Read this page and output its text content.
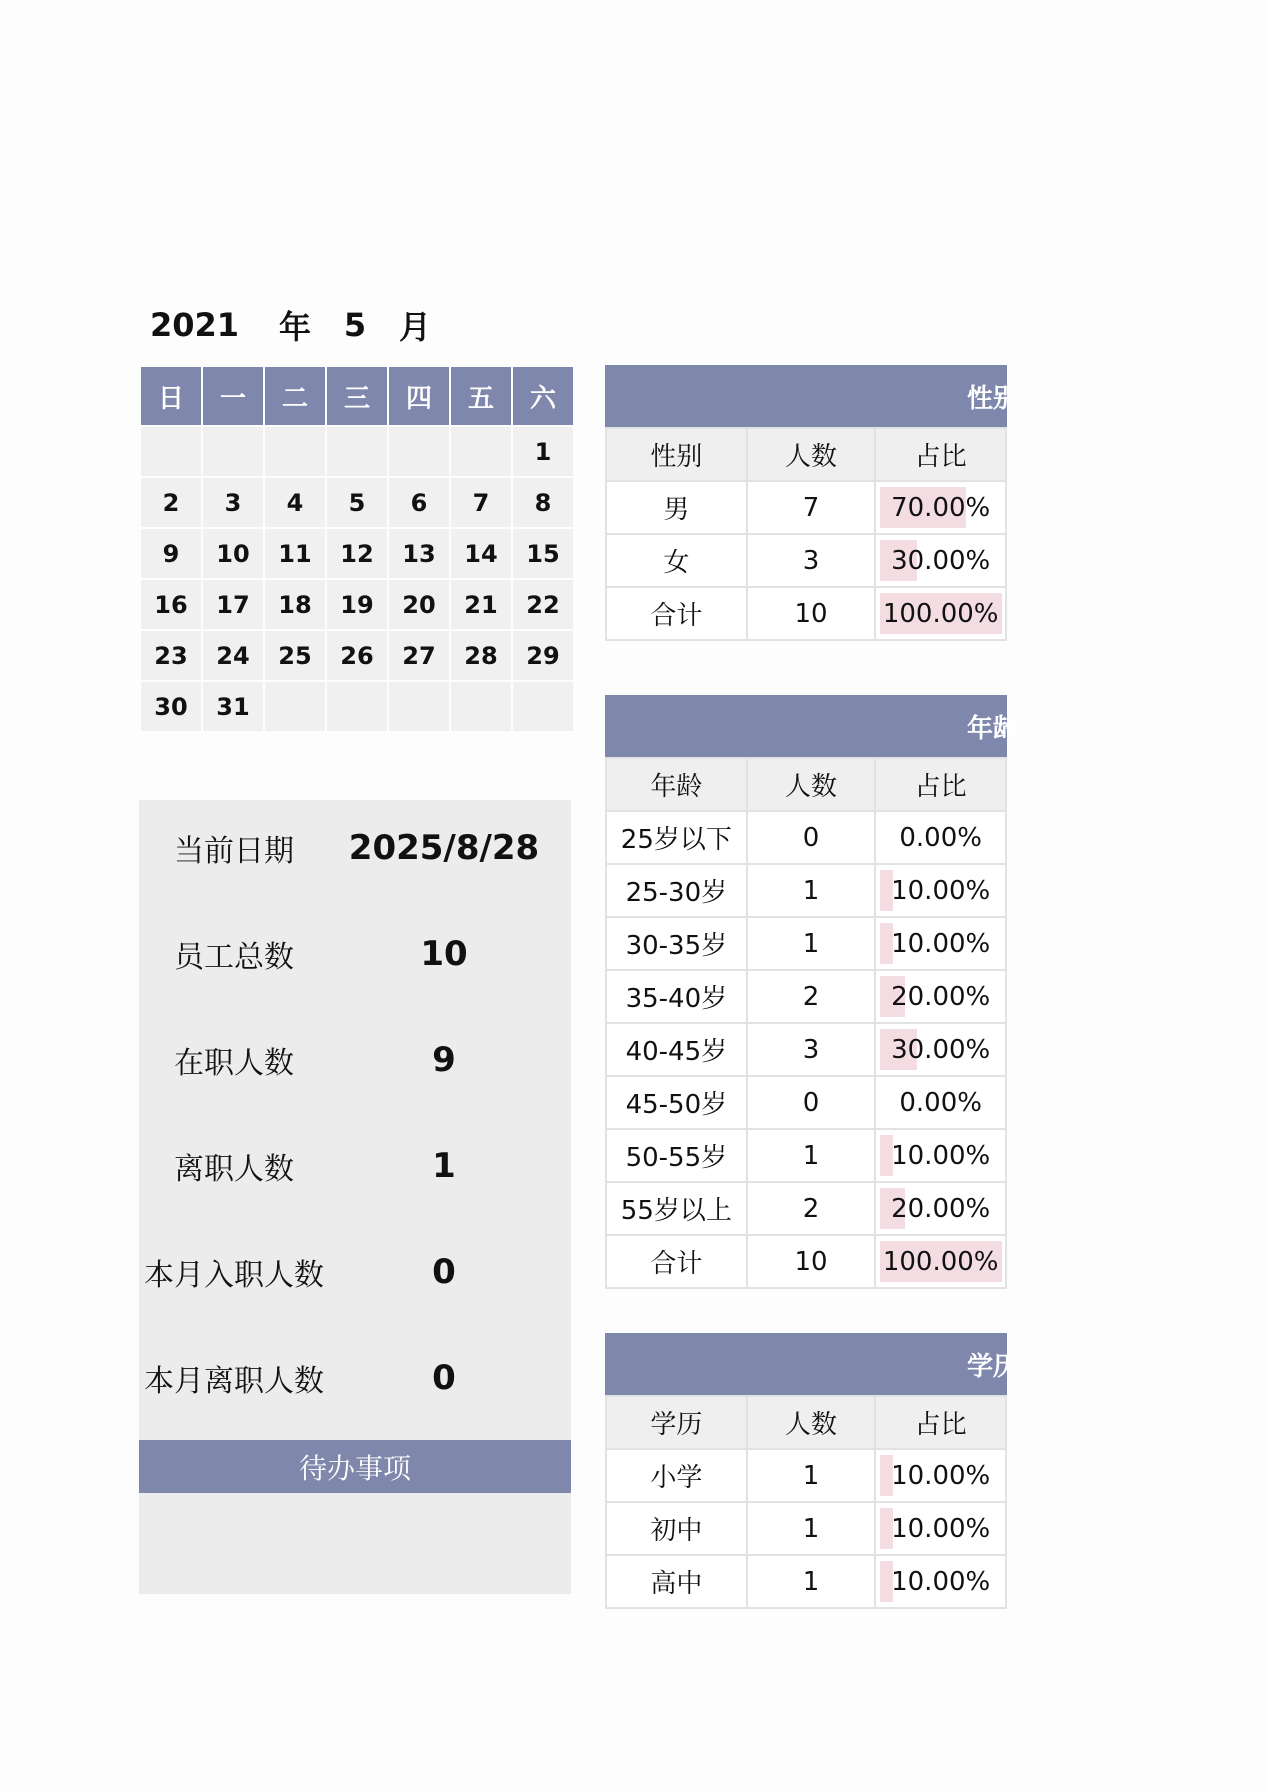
2021	年	5	月
日	一	二	三	四	五	六
						1
2	3	4	5	6	7	8
9	10	11	12	13	14	15
16	17	18	19	20	21	22
23	24	25	26	27	28	29
30	31					
当前日期	2025/8/28
员工总数	10
在职人数	9
离职人数	1
本月入职人数	0
本月离职人数	0
待办事项
性别
性别	人数	占比
男	7	70.00%
女	3	30.00%
合计	10	100.00%
年龄
年龄	人数	占比
25岁以下	0	0.00%
25-30岁	1	10.00%
30-35岁	1	10.00%
35-40岁	2	20.00%
40-45岁	3	30.00%
45-50岁	0	0.00%
50-55岁	1	10.00%
55岁以上	2	20.00%
合计	10	100.00%
学历
学历	人数	占比
小学	1	10.00%
初中	1	10.00%
高中	1	10.00%
